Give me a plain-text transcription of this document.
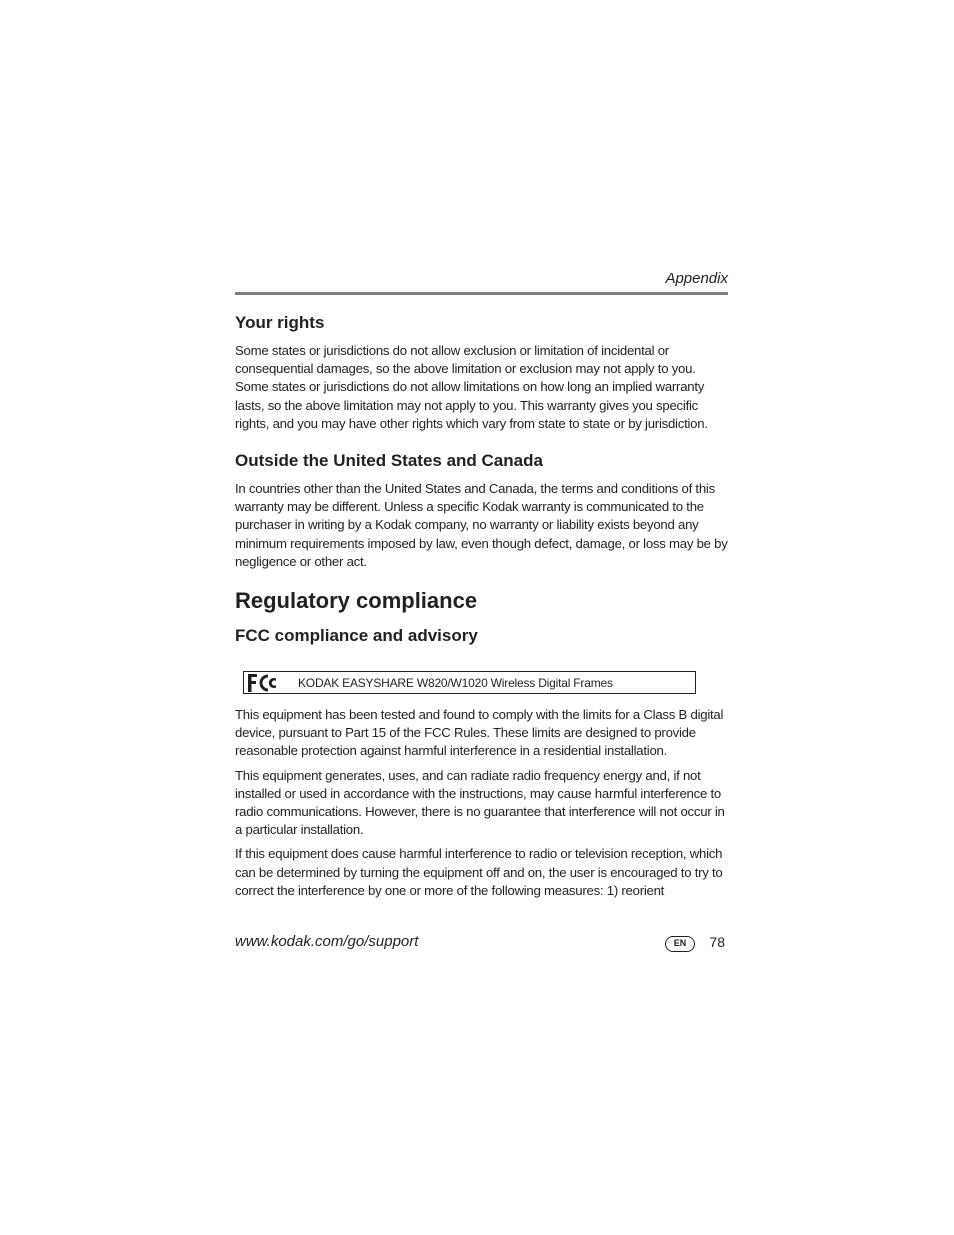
Appendix
Your rights

Some states or jurisdictions do not allow exclusion or limitation of incidental or consequential damages, so the above limitation or exclusion may not apply to you. Some states or jurisdictions do not allow limitations on how long an implied warranty lasts, so the above limitation may not apply to you. This warranty gives you specific rights, and you may have other rights which vary from state to state or by jurisdiction.

Outside the United States and Canada

In countries other than the United States and Canada, the terms and conditions of this warranty may be different. Unless a specific Kodak warranty is communicated to the purchaser in writing by a Kodak company, no warranty or liability exists beyond any minimum requirements imposed by law, even though defect, damage, or loss may be by negligence or other act.

Regulatory compliance
FCC compliance and advisory
KODAK EASYSHARE W820/W1020 Wireless Digital Frames

This equipment has been tested and found to comply with the limits for a Class B digital device, pursuant to Part 15 of the FCC Rules. These limits are designed to provide reasonable protection against harmful interference in a residential installation.

This equipment generates, uses, and can radiate radio frequency energy and, if not installed or used in accordance with the instructions, may cause harmful interference to radio communications. However, there is no guarantee that interference will not occur in a particular installation.

If this equipment does cause harmful interference to radio or television reception, which can be determined by turning the equipment off and on, the user is encouraged to try to correct the interference by one or more of the following measures: 1) reorient

www.kodak.com/go/support	EN	78
